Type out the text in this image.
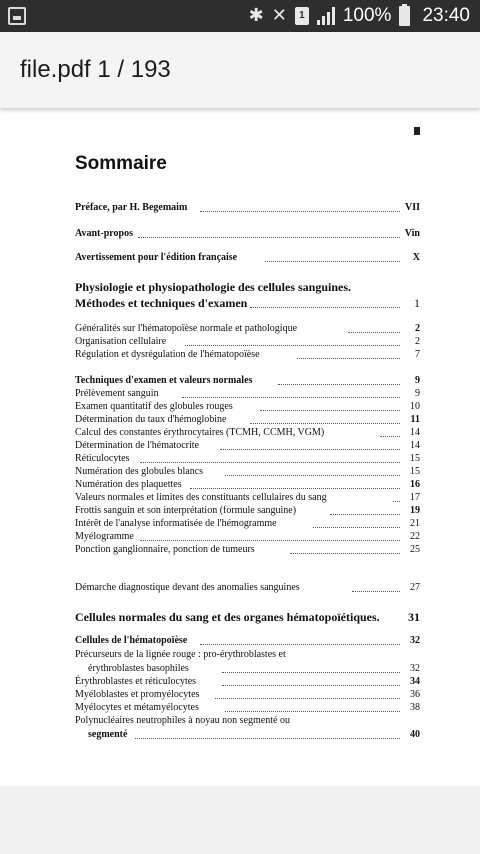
✱ ✕	1 100% 23:40
file.pdf 1 / 193
Sommaire
Préface, par H. Begemaim	VII
Avant-propos	Vin
Avertissement pour l'édition française	X
Physiologie et physiopathologie des cellules sanguines.
Méthodes et techniques d'examen	1
Généralités sur l'hématopoïèse normale et pathologique	2
Organisation cellulaire	2
Régulation et dysrégulation de l'hématopoïèse	7
Techniques d'examen et valeurs normales	9
Prélèvement sanguin	9
Examen quantitatif des globules rouges	10
Détermination du taux d'hémoglobine	11
Calcul des constantes érythrocytaires (TCMH, CCMH, VGM)	14
Détermination de l'hématocrite	14
Réticulocytes	15
Numération des globules blancs	15
Numération des plaquettes	16
Valeurs normales et limites des constituants cellulaires du sang	17
Frottis sanguin et son interprétation (formule sanguine)	19
Intérêt de l'analyse informatisée de l'hémogramme	21
Myélogramme	22
Ponction ganglionnaire, ponction de tumeurs	25
Démarche diagnostique devant des anomalies sanguines	27
Cellules normales du sang et des organes hématopoïétiques.	31
Cellules de l'hématopoïèse	32
Précurseurs de la lignée rouge : pro-érythroblastes et
érythroblastes basophiles	32
Érythroblastes et réticulocytes	34
Myéloblastes et promyélocytes	36
Myélocytes et métamyélocytes	38
Polynucléaires neutrophiles à noyau non segmenté ou
segmenté	40
